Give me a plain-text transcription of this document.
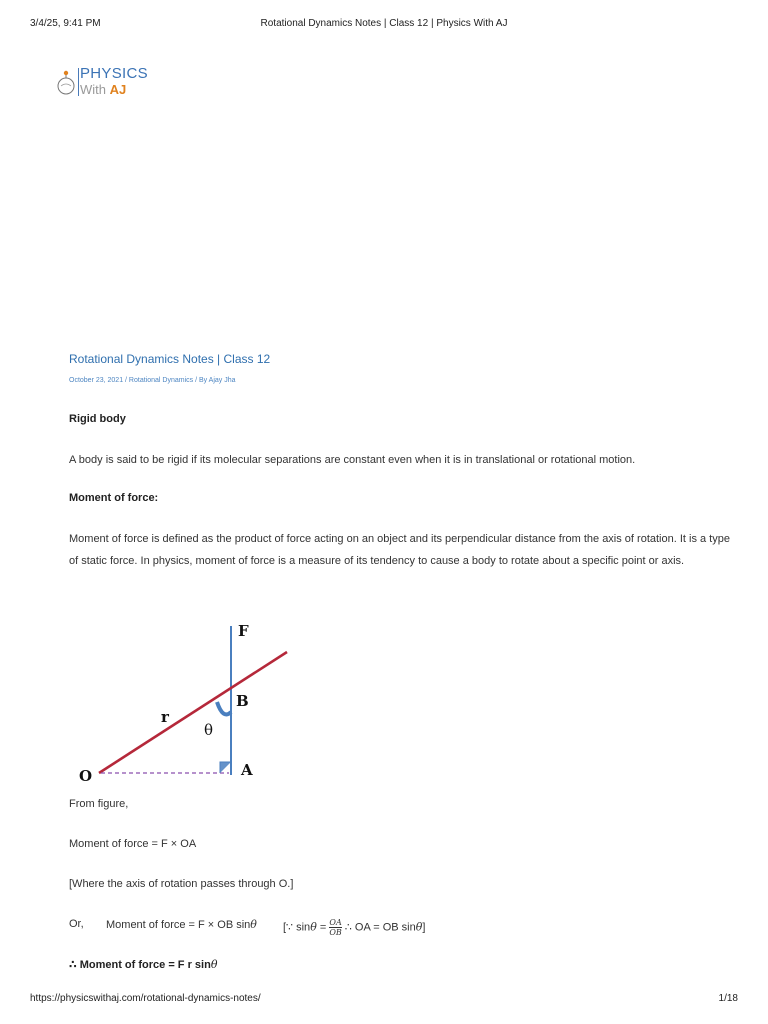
3/4/25, 9:41 PM	Rotational Dynamics Notes | Class 12 | Physics With AJ
PHYSICS
With AJ
Rotational Dynamics Notes | Class 12
October 23, 2021 / Rotational Dynamics / By Ajay Jha
Rigid body
A body is said to be rigid if its molecular separations are constant even when it is in translational or rotational motion.
Moment of force:
Moment of force is defined as the product of force acting on an object and its perpendicular distance from the axis of rotation. It is a type of static force. In physics, moment of force is a measure of its tendency to cause a body to rotate about a specific point or axis.
F
B
r
θ
O	A
From figure,
Moment of force = F × OA
[Where the axis of rotation passes through O.]
Or, Moment of force = F × OB sinθ [∵ $\sin\theta = \frac{OA}{OB}$ ∴ OA = OB sinθ]
∴ Moment of force = F r sinθ
https://physicswithaj.com/rotational-dynamics-notes/	1/18
